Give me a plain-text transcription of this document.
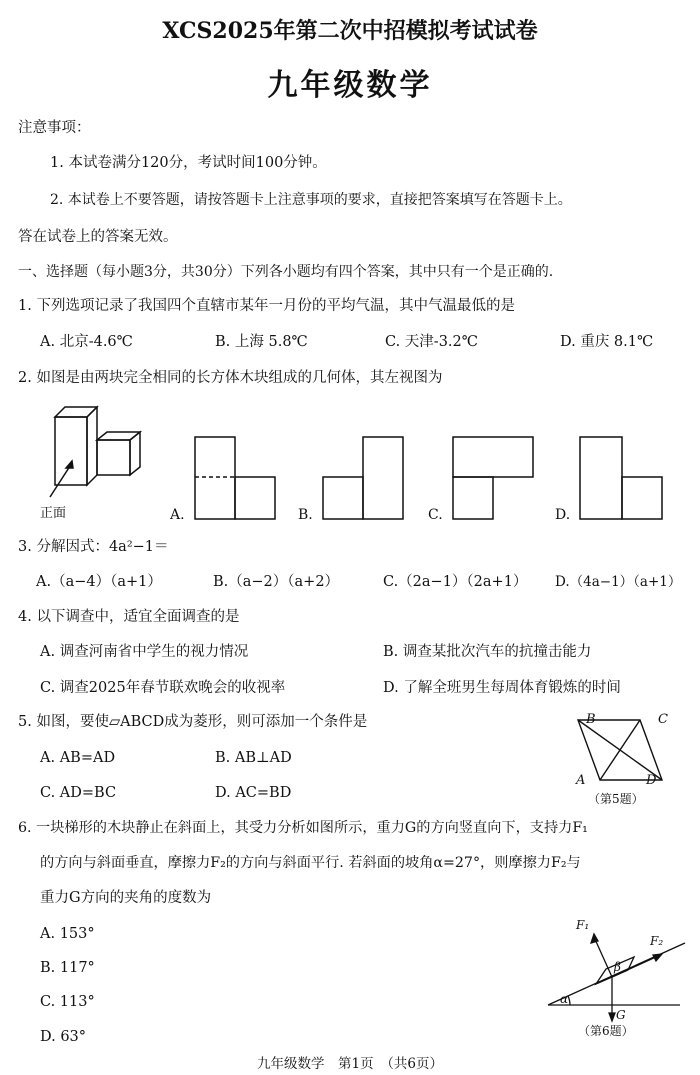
XCS2025年第二次中招模拟考试试卷
九年级数学
注意事项：
1. 本试卷满分120分，考试时间100分钟。
2. 本试卷上不要答题，请按答题卡上注意事项的要求，直接把答案填写在答题卡上。
答在试卷上的答案无效。
一、选择题（每小题3分，共30分）下列各小题均有四个答案，其中只有一个是正确的.
1. 下列选项记录了我国四个直辖市某年一月份的平均气温，其中气温最低的是
A. 北京-4.6℃	B. 上海 5.8℃	C. 天津-3.2℃	D. 重庆 8.1℃
2. 如图是由两块完全相同的长方体木块组成的几何体，其左视图为
正面	A.	B.	C.	D.
3. 分解因式：4a²−1＝
A.（a−4）（a+1）	B.（a−2）（a+2）	C.（2a−1）（2a+1） D.（4a−1）（a+1）
4. 以下调查中，适宜全面调查的是
A. 调查河南省中学生的视力情况	B. 调查某批次汽车的抗撞击能力
C. 调查2025年春节联欢晚会的收视率	D. 了解全班男生每周体育锻炼的时间
5. 如图，要使▱ABCD成为菱形，则可添加一个条件是
A. AB=AD	B. AB⊥AD
C. AD=BC	D. AC=BD
B	C
A	D
（第5题）
6. 一块梯形的木块静止在斜面上，其受力分析如图所示，重力G的方向竖直向下，支持力F₁
的方向与斜面垂直，摩擦力F₂的方向与斜面平行. 若斜面的坡角α=27°，则摩擦力F₂与
重力G方向的夹角的度数为
A. 153°
B. 117°
C. 113°
D. 63°
F₁
F₂
β
α
G
（第6题）
九年级数学　第1页　（共6页）
